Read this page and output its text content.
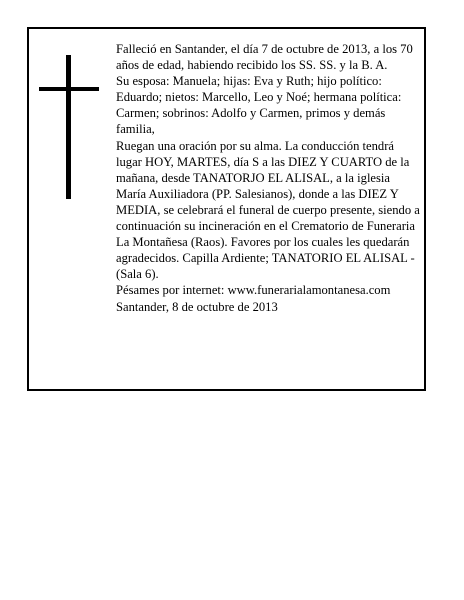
Falleció en Santander, el día 7 de octubre de 2013, a los 70 años de edad, habiendo recibido los SS. SS. y la B. A.

Su esposa: Manuela; hijas: Eva y Ruth; hijo político: Eduardo; nietos: Marcello, Leo y Noé; hermana política: Carmen; sobrinos: Adolfo y Carmen, primos y demás familia,

Ruegan una oración por su alma. La conducción tendrá lugar HOY, MARTES, día S a las DIEZ Y CUARTO de la mañana, desde TANATORJO EL ALISAL, a la iglesia María Auxiliadora (PP. Salesianos), donde a las DIEZ Y MEDIA, se celebrará el funeral de cuerpo presente, siendo a continuación su incineración en el Crematorio de Funeraria La Montañesa (Raos). Favores por los cuales les quedarán agradecidos. Capilla Ardiente; TANATORIO EL ALISAL - (Sala 6).

Pésames por internet: www.funerarialamontanesa.com

Santander, 8 de octubre de 2013
